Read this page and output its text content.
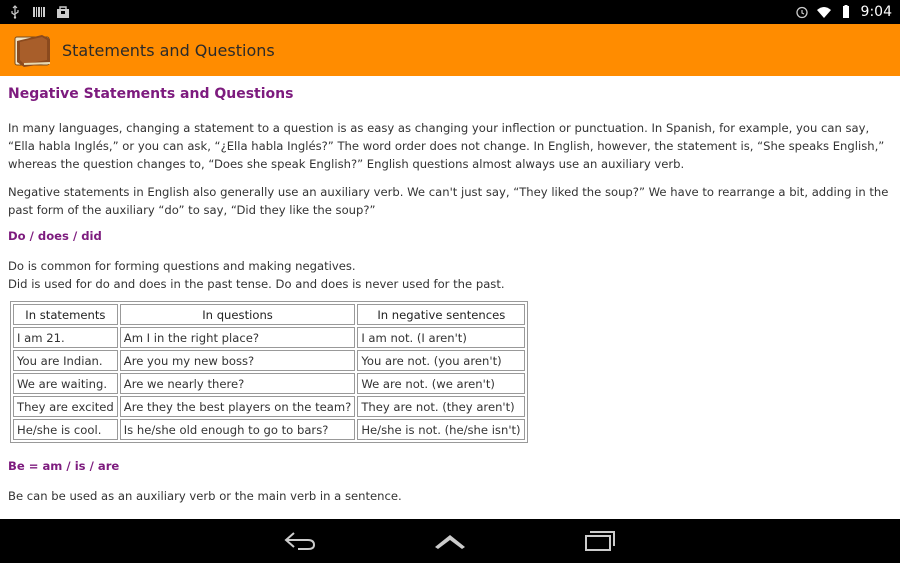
9:04
Statements and Questions
Negative Statements and Questions

In many languages, changing a statement to a question is as easy as changing your inflection or punctuation. In Spanish, for example, you can say, “Ella habla Inglés,” or you can ask, “¿Ella habla Inglés?” The word order does not change. In English, however, the statement is, “She speaks English,” whereas the question changes to, “Does she speak English?” English questions almost always use an auxiliary verb.

Negative statements in English also generally use an auxiliary verb. We can't just say, “They liked the soup?” We have to rearrange a bit, adding in the past form of the auxiliary “do” to say, “Did they like the soup?”

Do / does / did
Do is common for forming questions and making negatives.
Did is used for do and does in the past tense. Do and does is never used for the past.
In statements	In questions	In negative sentences
I am 21.	Am I in the right place?	I am not. (I aren't)
You are Indian.	Are you my new boss?	You are not. (you aren't)
We are waiting.	Are we nearly there?	We are not. (we aren't)
They are excited	Are they the best players on the team?	They are not. (they aren't)
He/she is cool.	Is he/she old enough to go to bars?	He/she is not. (he/she isn't)
Be = am / is / are
Be can be used as an auxiliary verb or the main verb in a sentence.
